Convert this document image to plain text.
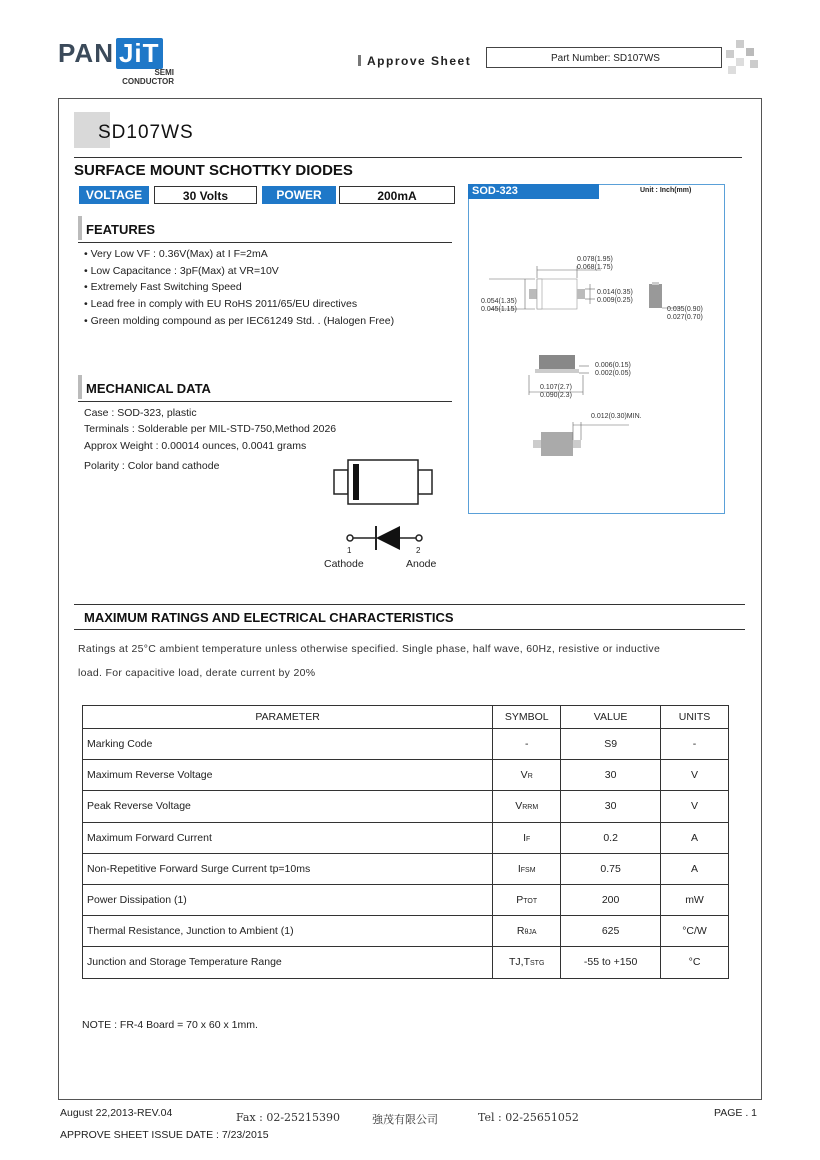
PAN JiT
SEMI
CONDUCTOR
Approve Sheet	Part Number: SD107WS
SD107WS
SURFACE MOUNT SCHOTTKY DIODES
VOLTAGE	30 Volts	POWER	200mA
FEATURES
• Very Low VF : 0.36V(Max) at I F=2mA
• Low Capacitance : 3pF(Max) at VR=10V
• Extremely Fast Switching Speed
• Lead free in comply with EU RoHS 2011/65/EU directives
• Green molding compound as per IEC61249 Std. . (Halogen Free)
MECHANICAL DATA
Case : SOD-323, plastic
Terminals : Solderable per MIL-STD-750,Method 2026
Approx Weight : 0.00014 ounces, 0.0041 grams
Polarity : Color band cathode
1	2
Cathode	Anode
SOD-323	Unit : Inch(mm)
0.078(1.95)
0.068(1.75)
0.014(0.35)
0.009(0.25)
0.054(1.35)
0.045(1.15)	0.035(0.90)
0.027(0.70)
0.006(0.15)
0.002(0.05)
0.107(2.7)
0.090(2.3)
0.012(0.30)MIN.
MAXIMUM RATINGS AND ELECTRICAL CHARACTERISTICS
Ratings at 25°C ambient temperature unless otherwise specified. Single phase, half wave, 60Hz, resistive or inductive
load. For capacitive load, derate current by 20%
PARAMETER	SYMBOL	VALUE	UNITS
Marking Code	-	S9	-
Maximum Reverse Voltage	VR	30	V
Peak Reverse Voltage	VRRM	30	V
Maximum Forward Current	IF	0.2	A
Non-Repetitive Forward Surge Current tp=10ms	IFSM	0.75	A
Power Dissipation (1)	PTOT	200	mW
Thermal Resistance, Junction to Ambient (1)	RθJA	625	°C/W
Junction and Storage Temperature Range	TJ,TSTG	-55 to +150	°C
NOTE : FR-4 Board = 70 x 60 x 1mm.
August 22,2013-REV.04	Fax : 02-25215390	強茂有限公司	Tel : 02-25651052	PAGE . 1
APPROVE SHEET ISSUE DATE : 7/23/2015
